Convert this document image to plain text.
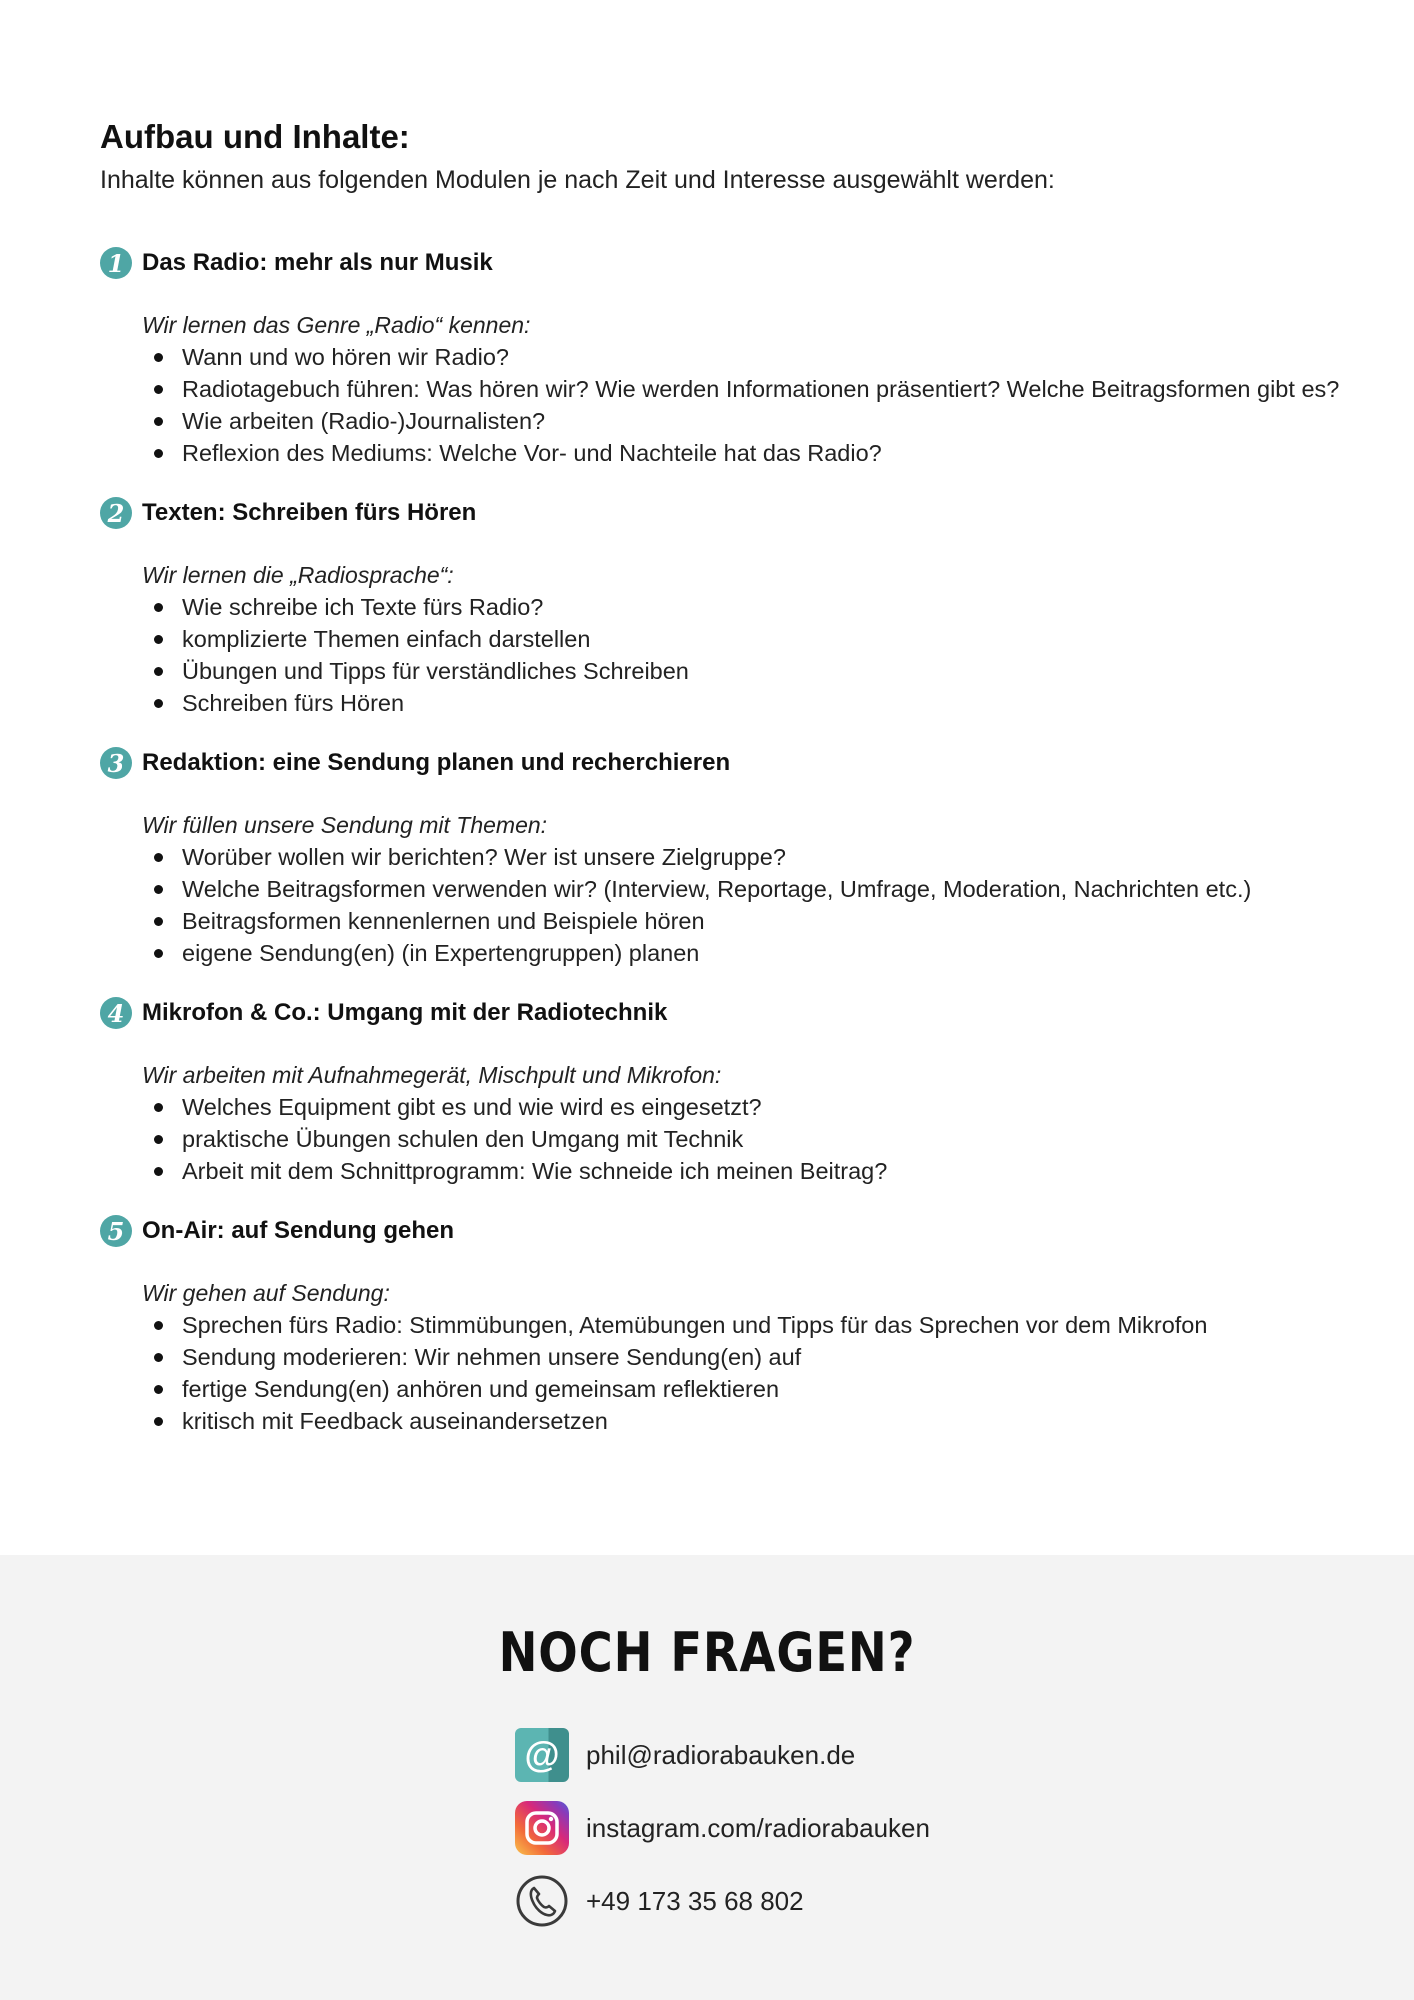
Aufbau und Inhalte:

Inhalte können aus folgenden Modulen je nach Zeit und Interesse ausgewählt werden:

1 Das Radio: mehr als nur Musik
Wir lernen das Genre „Radio“ kennen:
Wann und wo hören wir Radio?
Radiotagebuch führen: Was hören wir? Wie werden Informationen präsentiert? Welche Beitragsformen gibt es?
Wie arbeiten (Radio-)Journalisten?
Reflexion des Mediums: Welche Vor- und Nachteile hat das Radio?
2 Texten: Schreiben fürs Hören
Wir lernen die „Radiosprache“:
Wie schreibe ich Texte fürs Radio?
komplizierte Themen einfach darstellen
Übungen und Tipps für verständliches Schreiben
Schreiben fürs Hören
3 Redaktion: eine Sendung planen und recherchieren
Wir füllen unsere Sendung mit Themen:
Worüber wollen wir berichten? Wer ist unsere Zielgruppe?
Welche Beitragsformen verwenden wir? (Interview, Reportage, Umfrage, Moderation, Nachrichten etc.)
Beitragsformen kennenlernen und Beispiele hören
eigene Sendung(en) (in Expertengruppen) planen
4 Mikrofon & Co.: Umgang mit der Radiotechnik
Wir arbeiten mit Aufnahmegerät, Mischpult und Mikrofon:
Welches Equipment gibt es und wie wird es eingesetzt?
praktische Übungen schulen den Umgang mit Technik
Arbeit mit dem Schnittprogramm: Wie schneide ich meinen Beitrag?
5 On-Air: auf Sendung gehen
Wir gehen auf Sendung:
Sprechen fürs Radio: Stimmübungen, Atemübungen und Tipps für das Sprechen vor dem Mikrofon
Sendung moderieren: Wir nehmen unsere Sendung(en) auf
fertige Sendung(en) anhören und gemeinsam reflektieren
kritisch mit Feedback auseinandersetzen
NOCH FRAGEN?
@	phil@radiorabauken.de
instagram.com/radiorabauken
+49 173 35 68 802
